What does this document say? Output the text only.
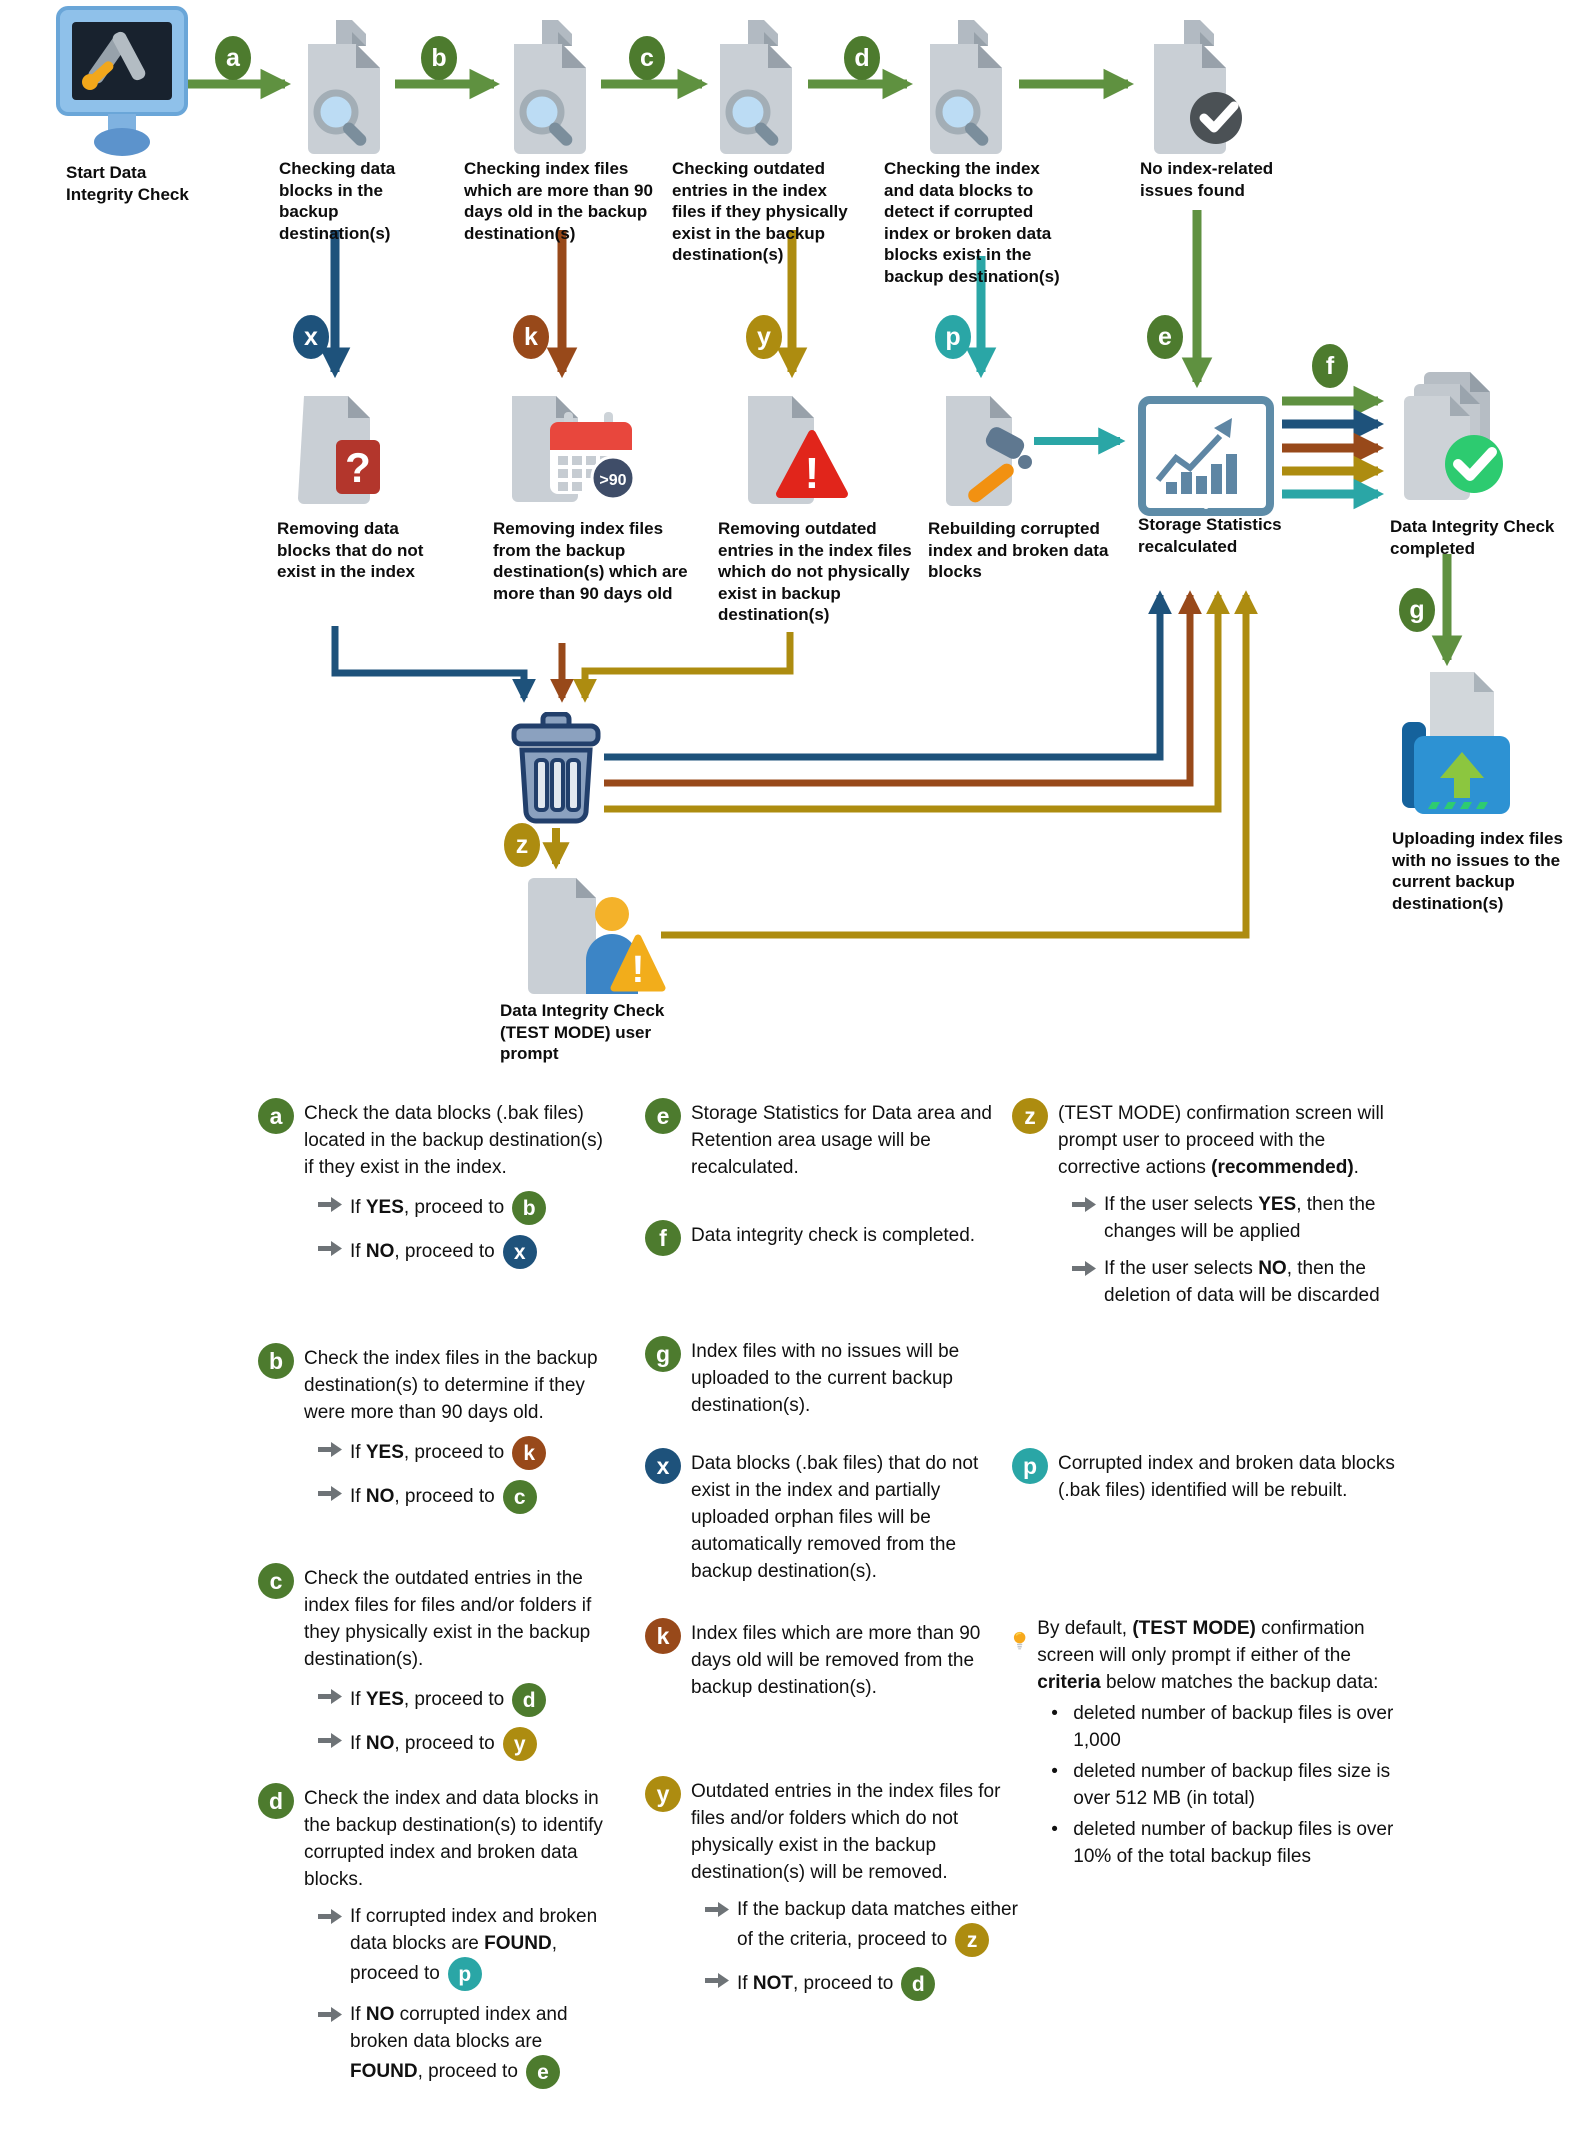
?	>90	!
!
a	b	c	d
x	k	y	p	e
f
g
z
Start Data Integrity Check
Checking data blocks in the backup destination(s)
Checking index files which are more than 90 days old in the backup destination(s)
Checking outdated entries in the index files if they physically exist in the backup destination(s)
Checking the index and data blocks to detect if corrupted index or broken data blocks exist in the backup destination(s)
No index-related issues found
Removing data blocks that do not exist in the index
Removing index files from the backup destination(s) which are more than 90 days old
Removing outdated entries in the index files which do not physically exist in backup destination(s)
Rebuilding corrupted index and broken data blocks
Storage Statistics recalculated
Data Integrity Check completed
Uploading index files with no issues to the current backup destination(s)
Data Integrity Check (TEST MODE) user prompt
a	Check the data blocks (.bak files) located in the backup destination(s) if they exist in the index.
If YES, proceed to b
If NO, proceed to x
b	Check the index files in the backup destination(s) to determine if they were more than 90 days old.
If YES, proceed to k
If NO, proceed to c
c	Check the outdated entries in the index files for files and/or folders if they physically exist in the backup destination(s).
If YES, proceed to d
If NO, proceed to y
d	Check the index and data blocks in the backup destination(s) to identify corrupted index and broken data blocks.
If corrupted index and broken data blocks are FOUND, proceed to p
If NO corrupted index and broken data blocks are FOUND, proceed to e
e	Storage Statistics for Data area and Retention area usage will be recalculated.
f	Data integrity check is completed.
g	Index files with no issues will be uploaded to the current backup destination(s).
x	Data blocks (.bak files) that do not exist in the index and partially uploaded orphan files will be automatically removed from the backup destination(s).
k	Index files which are more than 90 days old will be removed from the backup destination(s).
y	Outdated entries in the index files for files and/or folders which do not physically exist in the backup destination(s) will be removed.
If the backup data matches either of the criteria, proceed to z
If NOT, proceed to d
z	(TEST MODE) confirmation screen will prompt user to proceed with the corrective actions (recommended).
If the user selects YES, then the changes will be applied
If the user selects NO, then the deletion of data will be discarded
p	Corrupted index and broken data blocks (.bak files) identified will be rebuilt.
By default, (TEST MODE) confirmation screen will only prompt if either of the criteria below matches the backup data:
• deleted number of backup files is over 1,000
• deleted number of backup files size is over 512 MB (in total)
• deleted number of backup files is over 10% of the total backup files
